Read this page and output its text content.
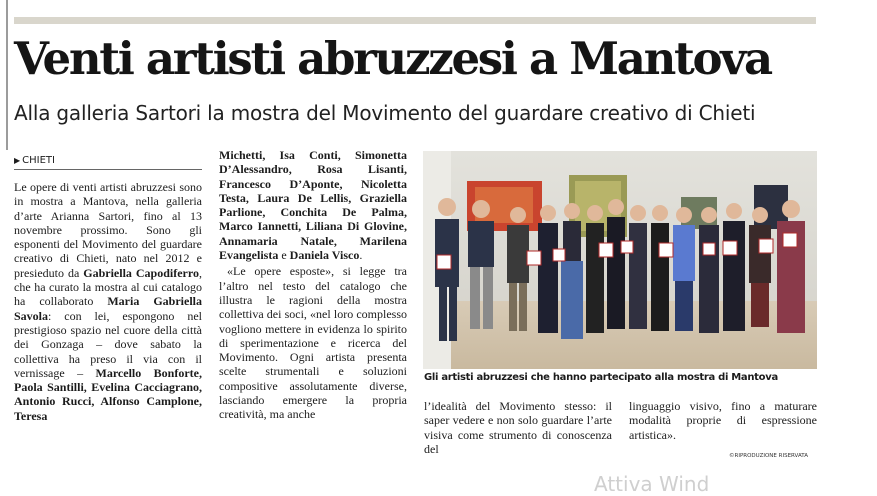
Venti artisti abruzzesi a Mantova
Alla galleria Sartori la mostra del Movimento del guardare creativo di Chieti
▶ CHIETI
Le opere di venti artisti abruzzesi sono in mostra a Mantova, nella galleria d’arte Arianna Sartori, fino al 13 novembre prossimo. Sono gli esponenti del Movimento del guardare creativo di Chieti, nato nel 2012 e presieduto da Gabriella Capodiferro, che ha curato la mostra al cui catalogo ha collaborato Maria Gabriella Savola: con lei, espongono nel prestigioso spazio nel cuore della città dei Gonzaga – dove sabato la collettiva ha preso il via con il vernissage – Marcello Bonforte, Paola Santilli, Evelina Cacciagrano, Antonio Rucci, Alfonso Camplone, Teresa
Michetti, Isa Conti, Simonetta D’Alessandro, Rosa Lisanti, Francesco D’Aponte, Nicoletta Testa, Laura De Lellis, Graziella Parlione, Conchita De Palma, Marco Iannetti, Liliana Di Glovine, Annamaria Natale, Marilena Evangelista e Daniela Visco.
«Le opere esposte», si legge tra l’altro nel testo del catalogo che illustra le ragioni della mostra collettiva dei soci, «nel loro complesso vogliono mettere in evidenza lo spirito di sperimentazione e ricerca del Movimento. Ogni artista presenta scelte strumentali e soluzioni compositive assolutamente diverse, lasciando emergere la propria creatività, ma anche
Gli artisti abruzzesi che hanno partecipato alla mostra di Mantova
l’idealità del Movimento stesso: il saper vedere e non solo guardare l’arte visiva come strumento di conoscenza del
linguaggio visivo, fino a maturare modalità proprie di espressione artistica».
©RIPRODUZIONE RISERVATA
Attiva Wind
